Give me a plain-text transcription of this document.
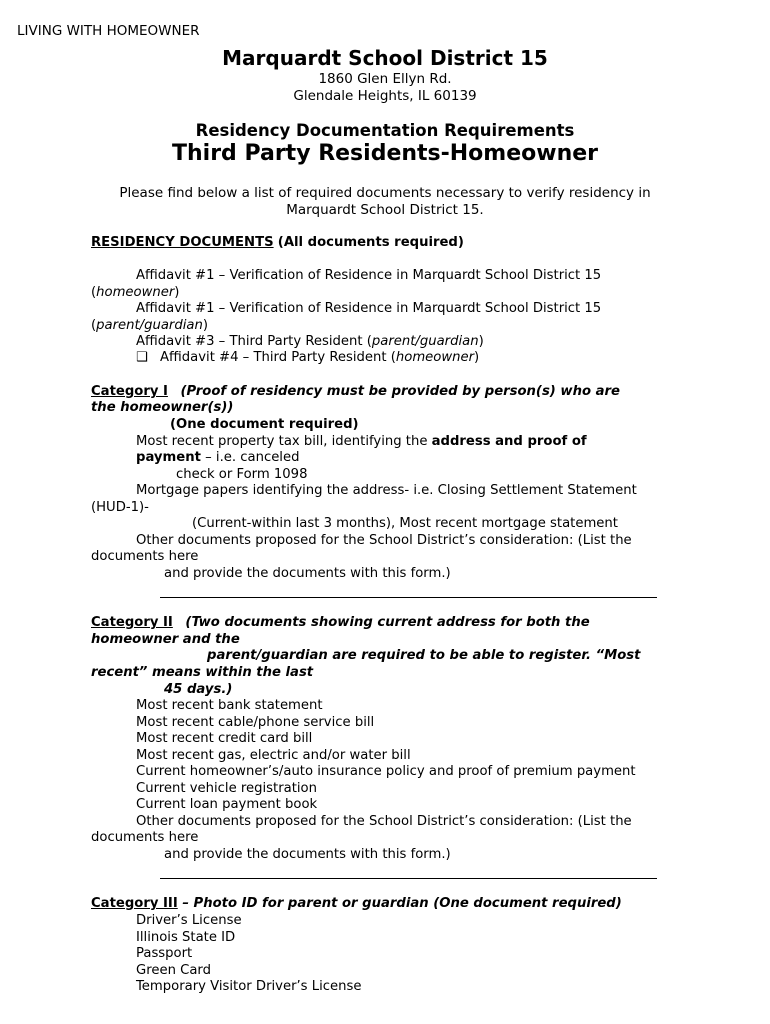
LIVING WITH HOMEOWNER
Marquardt School District 15
1860 Glen Ellyn Rd.
Glendale Heights, IL 60139
Residency Documentation Requirements
Third Party Residents-Homeowner
Please find below a list of required documents necessary to verify residency in
Marquardt School District 15.
RESIDENCY DOCUMENTS (All documents required)
Affidavit #1 – Verification of Residence in Marquardt School District 15
(homeowner)
Affidavit #1 – Verification of Residence in Marquardt School District 15
(parent/guardian)
Affidavit #3 – Third Party Resident (parent/guardian)
❑ Affidavit #4 – Third Party Resident (homeowner)
Category I (Proof of residency must be provided by person(s) who are
the homeowner(s))
(One document required)
Most recent property tax bill, identifying the address and proof of
payment – i.e. canceled
check or Form 1098
Mortgage papers identifying the address- i.e. Closing Settlement Statement
(HUD-1)-
(Current-within last 3 months), Most recent mortgage statement
Other documents proposed for the School District’s consideration: (List the
documents here
and provide the documents with this form.)
Category II (Two documents showing current address for both the
homeowner and the
parent/guardian are required to be able to register. “Most
recent” means within the last
45 days.)
Most recent bank statement
Most recent cable/phone service bill
Most recent credit card bill
Most recent gas, electric and/or water bill
Current homeowner’s/auto insurance policy and proof of premium payment
Current vehicle registration
Current loan payment book
Other documents proposed for the School District’s consideration: (List the
documents here
and provide the documents with this form.)
Category III – Photo ID for parent or guardian (One document required)
Driver’s License
Illinois State ID
Passport
Green Card
Temporary Visitor Driver’s License
